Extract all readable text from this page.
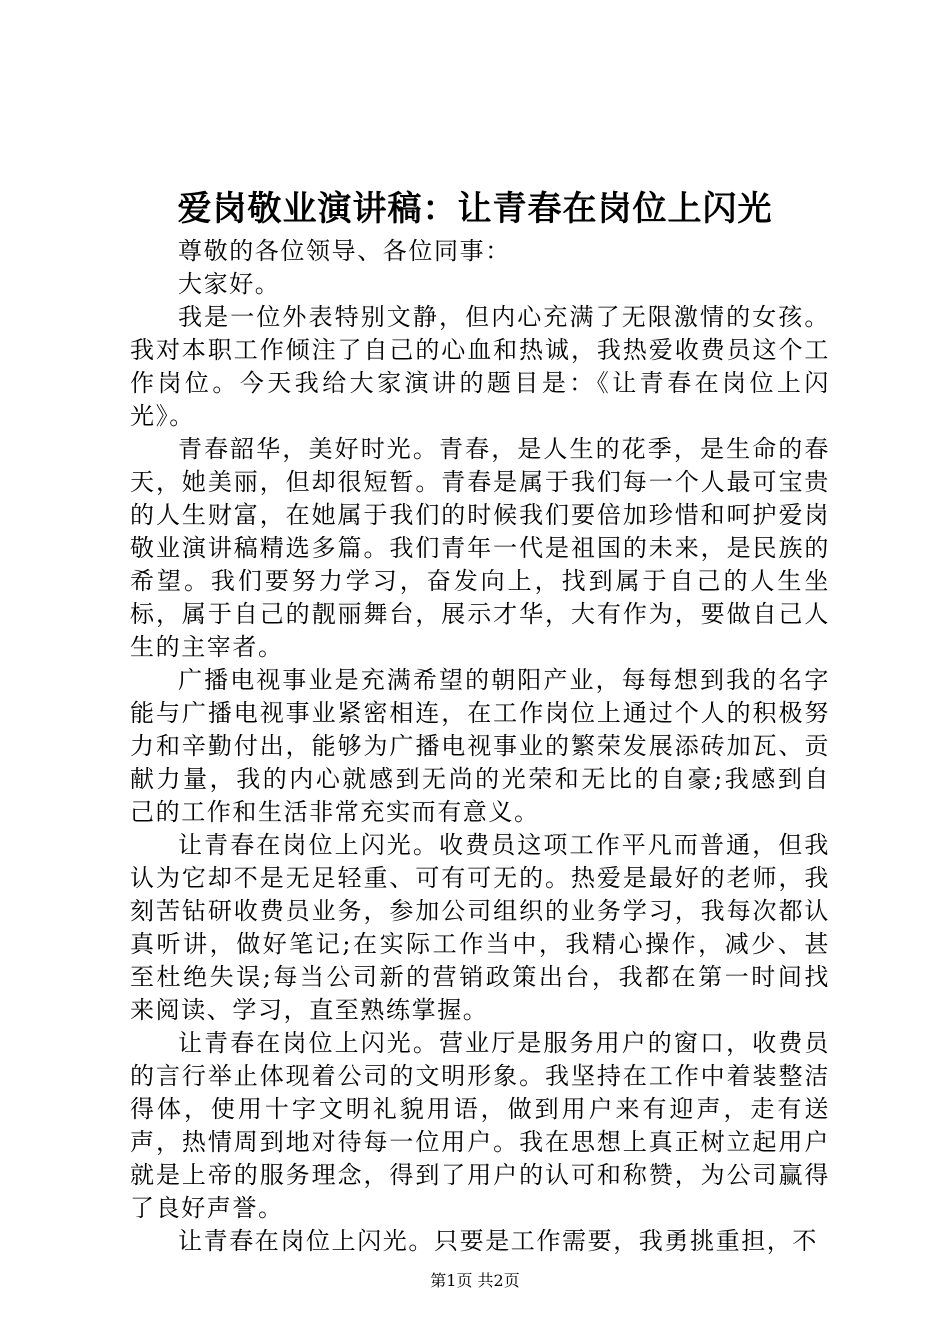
爱岗敬业演讲稿：让青春在岗位上闪光

尊敬的各位领导、各位同事：

大家好。

我是一位外表特别文静，但内心充满了无限激情的女孩。我对本职工作倾注了自己的心血和热诚，我热爱收费员这个工作岗位。今天我给大家演讲的题目是：《让青春在岗位上闪光》。

青春韶华，美好时光。青春，是人生的花季，是生命的春天，她美丽，但却很短暂。青春是属于我们每一个人最可宝贵的人生财富，在她属于我们的时候我们要倍加珍惜和呵护爱岗敬业演讲稿精选多篇。我们青年一代是祖国的未来，是民族的希望。我们要努力学习，奋发向上，找到属于自己的人生坐标，属于自己的靓丽舞台，展示才华，大有作为，要做自己人生的主宰者。

广播电视事业是充满希望的朝阳产业，每每想到我的名字能与广播电视事业紧密相连，在工作岗位上通过个人的积极努力和辛勤付出，能够为广播电视事业的繁荣发展添砖加瓦、贡献力量，我的内心就感到无尚的光荣和无比的自豪;我感到自己的工作和生活非常充实而有意义。

让青春在岗位上闪光。收费员这项工作平凡而普通，但我认为它却不是无足轻重、可有可无的。热爱是最好的老师，我刻苦钻研收费员业务，参加公司组织的业务学习，我每次都认真听讲，做好笔记;在实际工作当中，我精心操作，减少、甚至杜绝失误;每当公司新的营销政策出台，我都在第一时间找来阅读、学习，直至熟练掌握。

让青春在岗位上闪光。营业厅是服务用户的窗口，收费员的言行举止体现着公司的文明形象。我坚持在工作中着装整洁得体，使用十字文明礼貌用语，做到用户来有迎声，走有送声，热情周到地对待每一位用户。我在思想上真正树立起用户就是上帝的服务理念，得到了用户的认可和称赞，为公司赢得了良好声誉。

让青春在岗位上闪光。只要是工作需要，我勇挑重担，不

第1页 共2页
